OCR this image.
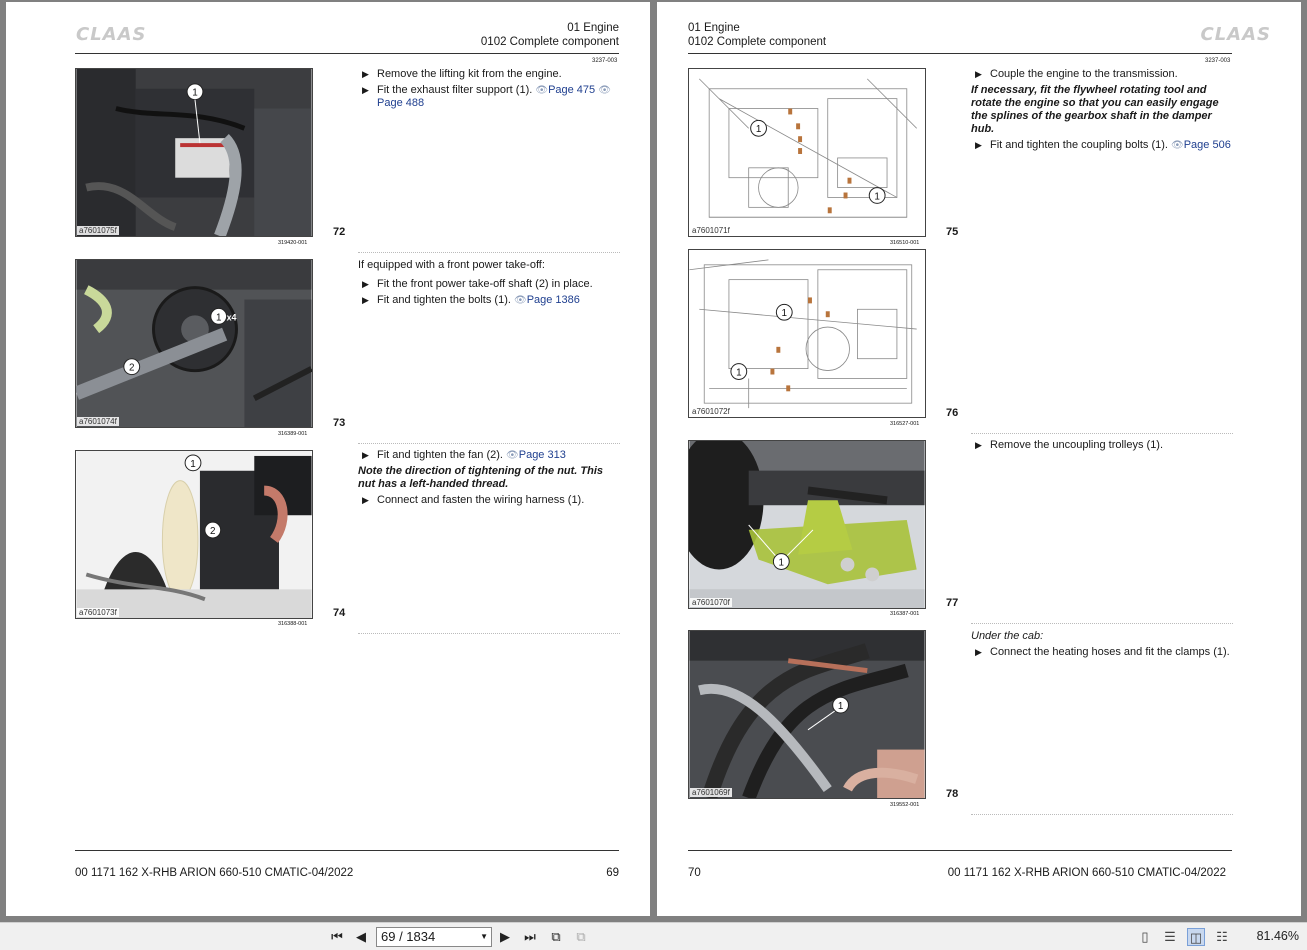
CLAAS	01 Engine
0102 Complete component
3237-003
1
a7601075f
319420-001
72
▶ Remove the lifting kit from the engine.
▶ Fit the exhaust filter support (1). 👁Page 475 👁Page 488
1 x4
2
a7601074f
316389-001
73

If equipped with a front power take-off:

▶ Fit the front power take-off shaft (2) in place.
▶ Fit and tighten the bolts (1). 👁Page 1386
1
2
a7601073f
316388-001
74
▶ Fit and tighten the fan (2). 👁Page 313

Note the direction of tightening of the nut. This nut has a left-handed thread.

▶ Connect and fasten the wiring harness (1).
00 1171 162 X-RHB ARION 660-510 CMATIC-04/2022	69
01 Engine
0102 Complete component	CLAAS
3237-003
1
1
a7601071f
316510-001
75
▶ Couple the engine to the transmission.

If necessary, fit the flywheel rotating tool and rotate the engine so that you can easily engage the splines of the gearbox shaft in the damper hub.

▶ Fit and tighten the coupling bolts (1). 👁Page 506
1
1
a7601072f
316527-001
76
1
a7601070f
316387-001
77
▶ Remove the uncoupling trolleys (1).
1
a7601069f
319552-001
78

Under the cab:

▶ Connect the heating hoses and fit the clamps (1).
70	00 1171 162 X-RHB ARION 660-510 CMATIC-04/2022
⏮	◀	69 / 1834	▼ ▶	⏭	⧉	⧉	▯	☰ ◫ ☷ 81.46%
